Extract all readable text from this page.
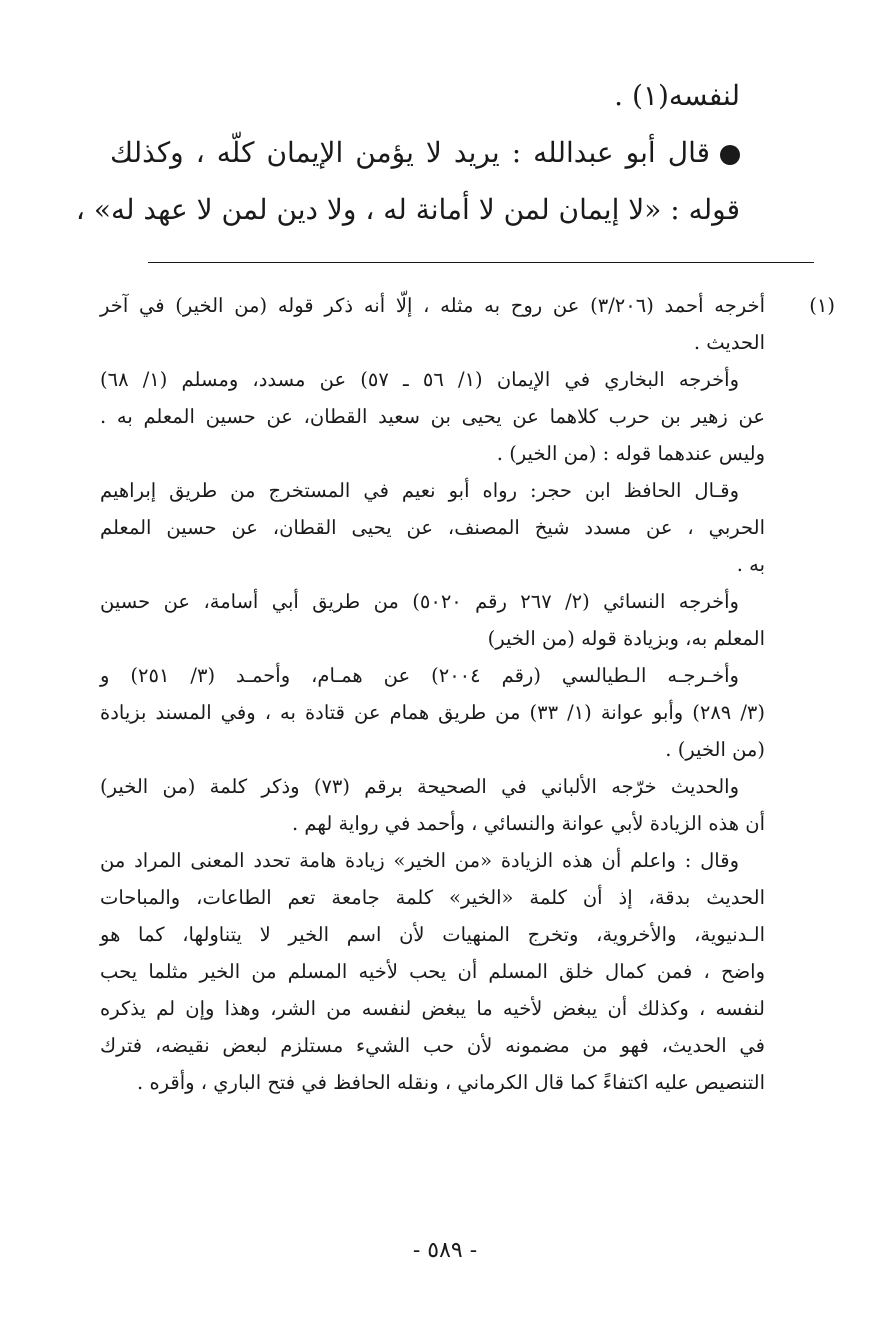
لنفسه(١) .
قال أبو عبدالله : يريد لا يؤمن الإيمان كلّه ، وكذلك
قوله : «لا إيمان لمن لا أمانة له ، ولا دين لمن لا عهد له» ،
(١)
أخرجه أحمد (٣/٢٠٦) عن روح به مثله ، إلّا أنه ذكر قوله (من الخير) في آخر
الحديث .
وأخرجه البخاري في الإيمان (١/ ٥٦ ـ ٥٧) عن مسدد، ومسلم (١/ ٦٨)
عن زهير بن حرب كلاهما عن يحيى بن سعيد القطان، عن حسين المعلم به .
وليس عندهما قوله : (من الخير) .
وقـال الحافظ ابن حجر: رواه أبو نعيم في المستخرج من طريق إبراهيم
الحربي ، عن مسدد شيخ المصنف، عن يحيى القطان، عن حسين المعلم
به .
وأخرجه النسائي (٢/ ٢٦٧ رقم ٥٠٢٠) من طريق أبي أسامة، عن حسين
المعلم به، وبزيادة قوله (من الخير)
وأخـرجـه الـطيالسي (رقم ٢٠٠٤) عن همـام، وأحمـد (٣/ ٢٥١) و
(٣/ ٢٨٩) وأبو عوانة (١/ ٣٣) من طريق همام عن قتادة به ، وفي المسند بزيادة
(من الخير) .
والحديث خرّجه الألباني في الصحيحة برقم (٧٣) وذكر كلمة (من الخير)
أن هذه الزيادة لأبي عوانة والنسائي ، وأحمد في رواية لهم .
وقال : واعلم أن هذه الزيادة «من الخير» زيادة هامة تحدد المعنى المراد من
الحديث بدقة، إذ أن كلمة «الخير» كلمة جامعة تعم الطاعات، والمباحات
الـدنيوية، والأخروية، وتخرج المنهيات لأن اسم الخير لا يتناولها، كما هو
واضح ، فمن كمال خلق المسلم أن يحب لأخيه المسلم من الخير مثلما يحب
لنفسه ، وكذلك أن يبغض لأخيه ما يبغض لنفسه من الشر، وهذا وإن لم يذكره
في الحديث، فهو من مضمونه لأن حب الشيء مستلزم لبعض نقيضه، فترك
التنصيص عليه اكتفاءً كما قال الكرماني ، ونقله الحافظ في فتح الباري ، وأقره .
- ٥٨٩ -
